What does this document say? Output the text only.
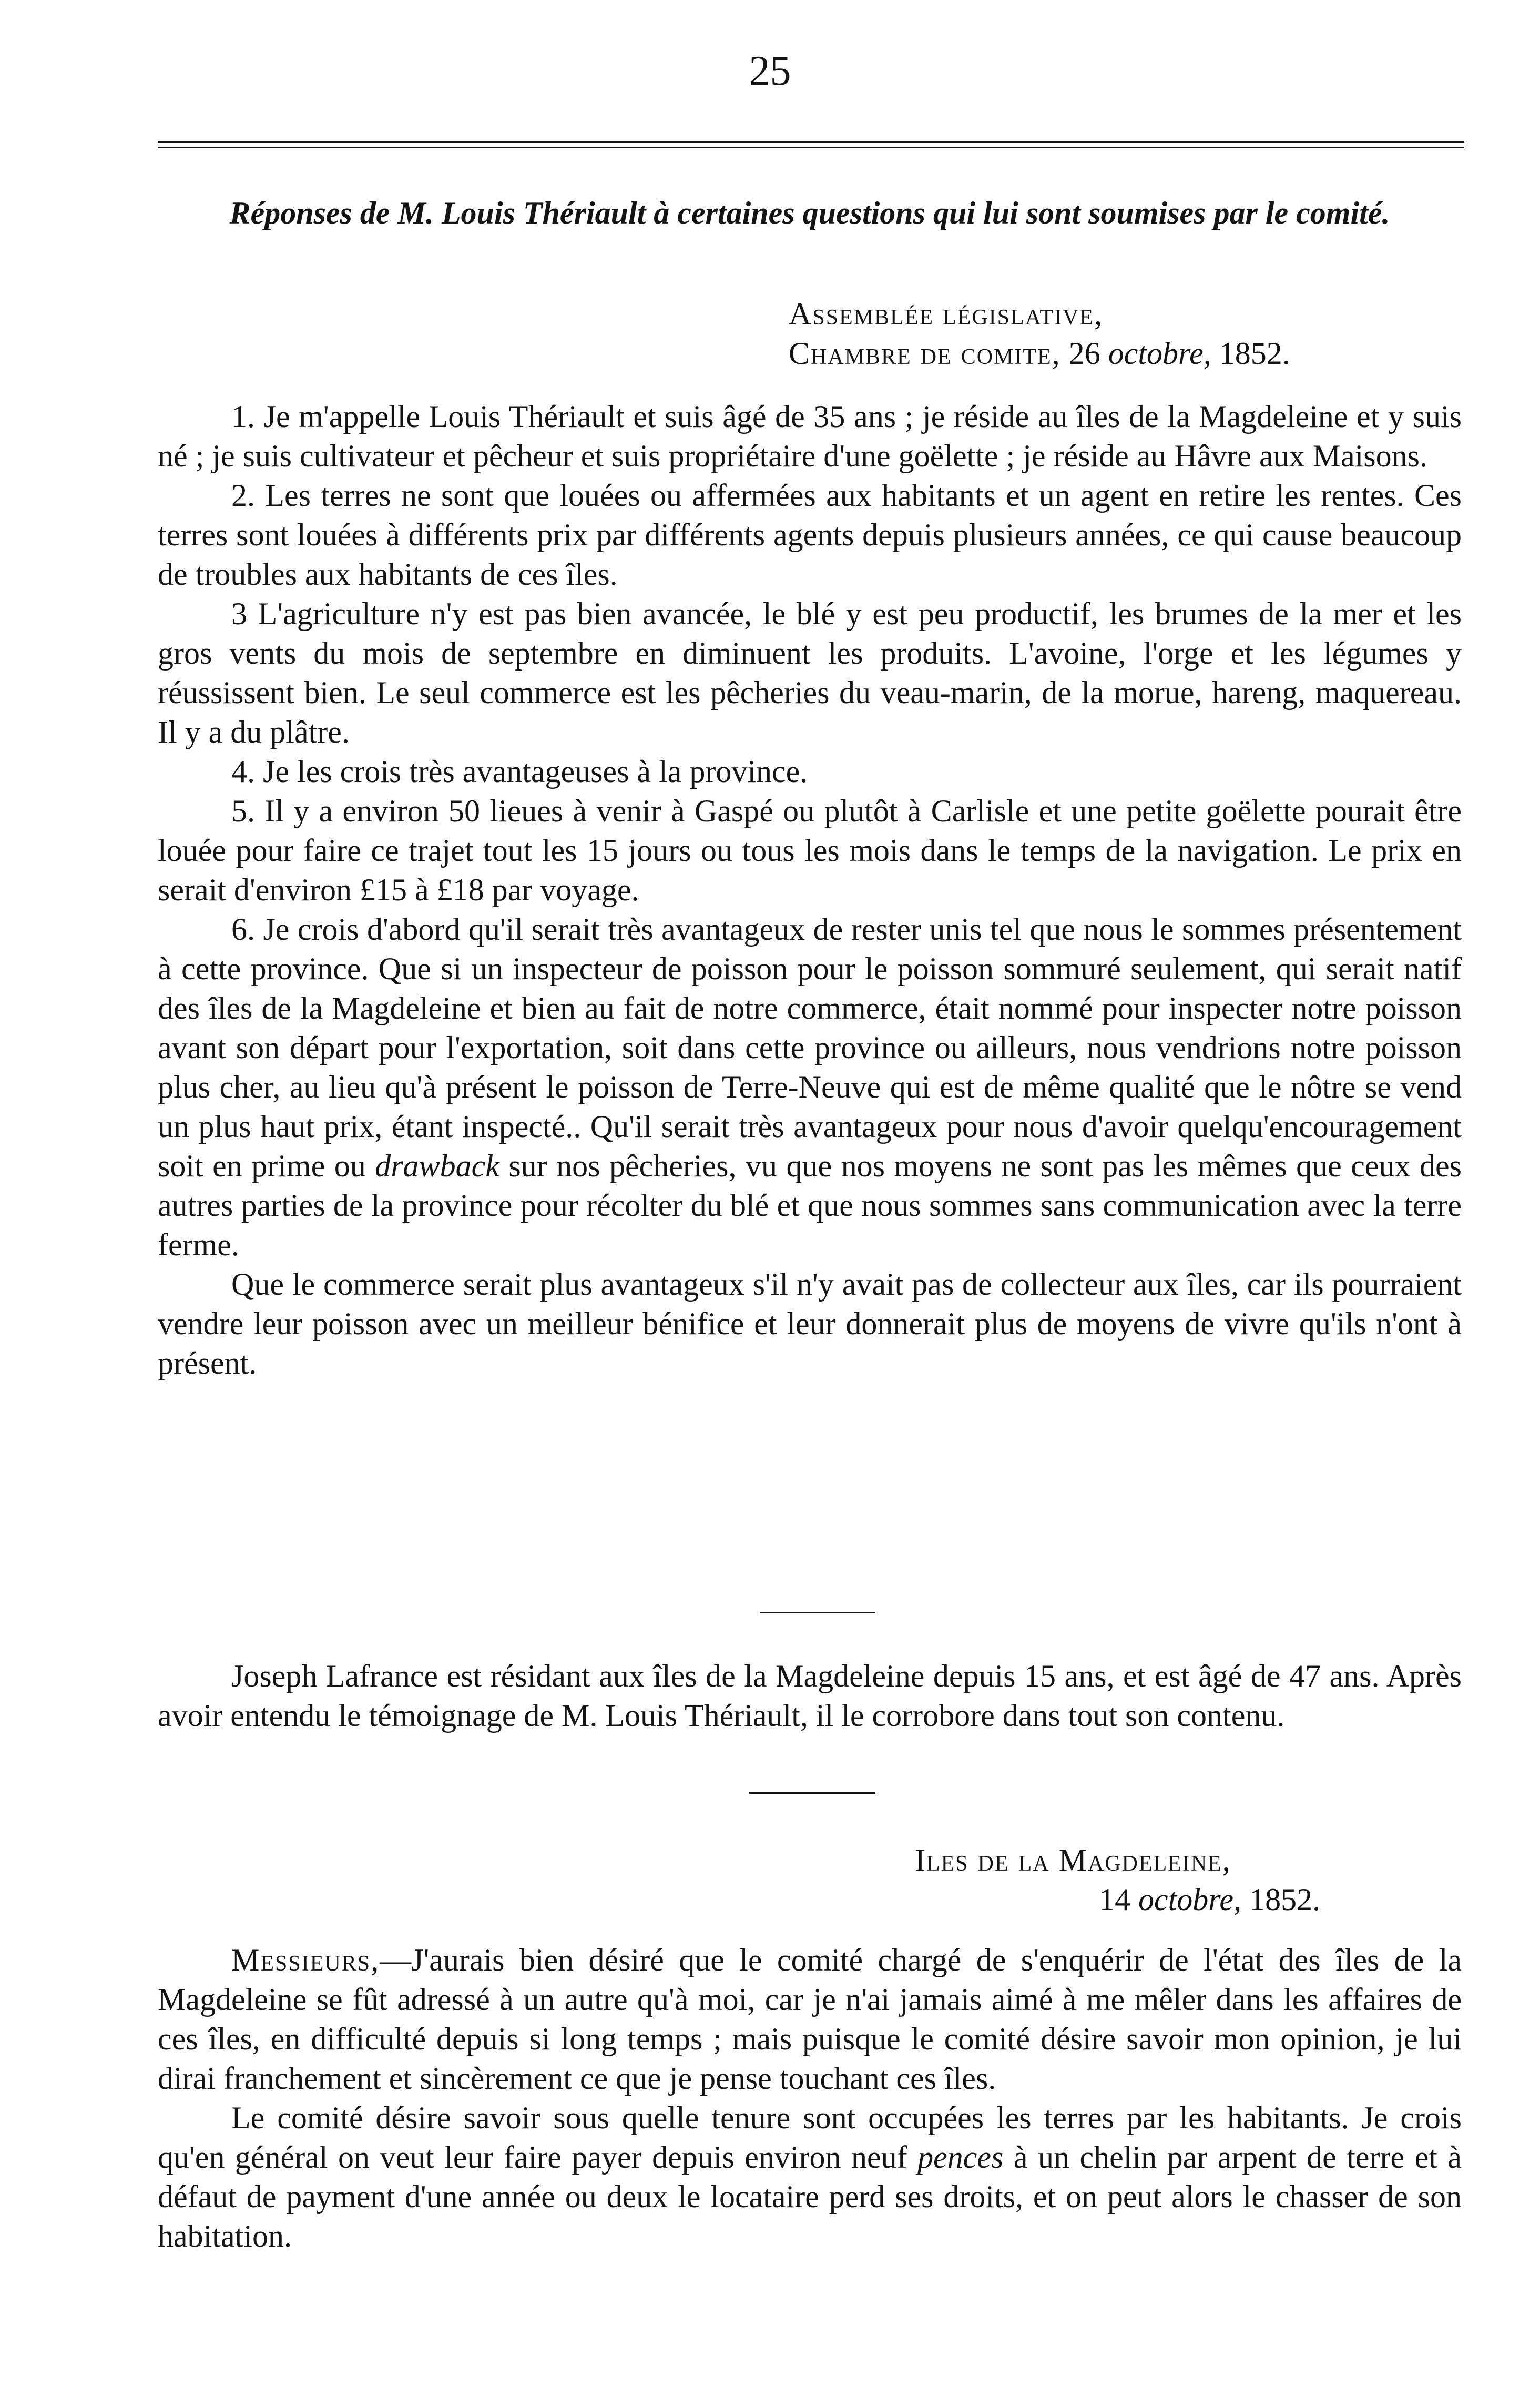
25
Réponses de M. Louis Thériault à certaines questions qui lui sont soumises par le comité.
Assemblée législative,
Chambre de comite, 26 octobre, 1852.

1. Je m'appelle Louis Thériault et suis âgé de 35 ans ; je réside au îles de la Magdeleine et y suis né ; je suis cultivateur et pêcheur et suis propriétaire d'une goëlette ; je réside au Hâvre aux Maisons.

2. Les terres ne sont que louées ou affermées aux habitants et un agent en retire les rentes. Ces terres sont louées à différents prix par différents agents depuis plusieurs années, ce qui cause beaucoup de troubles aux habitants de ces îles.

3 L'agriculture n'y est pas bien avancée, le blé y est peu productif, les brumes de la mer et les gros vents du mois de septembre en diminuent les produits. L'avoine, l'orge et les légumes y réussissent bien. Le seul commerce est les pêcheries du veau-marin, de la morue, hareng, maquereau. Il y a du plâtre.

4. Je les crois très avantageuses à la province.

5. Il y a environ 50 lieues à venir à Gaspé ou plutôt à Carlisle et une petite goëlette pourait être louée pour faire ce trajet tout les 15 jours ou tous les mois dans le temps de la navigation. Le prix en serait d'environ £15 à £18 par voyage.

6. Je crois d'abord qu'il serait très avantageux de rester unis tel que nous le sommes présentement à cette province. Que si un inspecteur de poisson pour le poisson sommuré seulement, qui serait natif des îles de la Magdeleine et bien au fait de notre commerce, était nommé pour inspecter notre poisson avant son départ pour l'exportation, soit dans cette province ou ailleurs, nous vendrions notre poisson plus cher, au lieu qu'à présent le poisson de Terre-Neuve qui est de même qualité que le nôtre se vend un plus haut prix, étant inspecté.. Qu'il serait très avantageux pour nous d'avoir quelqu'encouragement soit en prime ou drawback sur nos pêcheries, vu que nos moyens ne sont pas les mêmes que ceux des autres parties de la province pour récolter du blé et que nous sommes sans communication avec la terre ferme.

Que le commerce serait plus avantageux s'il n'y avait pas de collecteur aux îles, car ils pourraient vendre leur poisson avec un meilleur bénifice et leur donnerait plus de moyens de vivre qu'ils n'ont à présent.

Joseph Lafrance est résidant aux îles de la Magdeleine depuis 15 ans, et est âgé de 47 ans. Après avoir entendu le témoignage de M. Louis Thériault, il le corrobore dans tout son contenu.

Iles de la Magdeleine,
14 octobre, 1852.

Messieurs,—J'aurais bien désiré que le comité chargé de s'enquérir de l'état des îles de la Magdeleine se fût adressé à un autre qu'à moi, car je n'ai jamais aimé à me mêler dans les affaires de ces îles, en difficulté depuis si long temps ; mais puisque le comité désire savoir mon opinion, je lui dirai franchement et sincèrement ce que je pense touchant ces îles.

Le comité désire savoir sous quelle tenure sont occupées les terres par les habitants. Je crois qu'en général on veut leur faire payer depuis environ neuf pences à un chelin par arpent de terre et à défaut de payment d'une année ou deux le locataire perd ses droits, et on peut alors le chasser de son habitation.
